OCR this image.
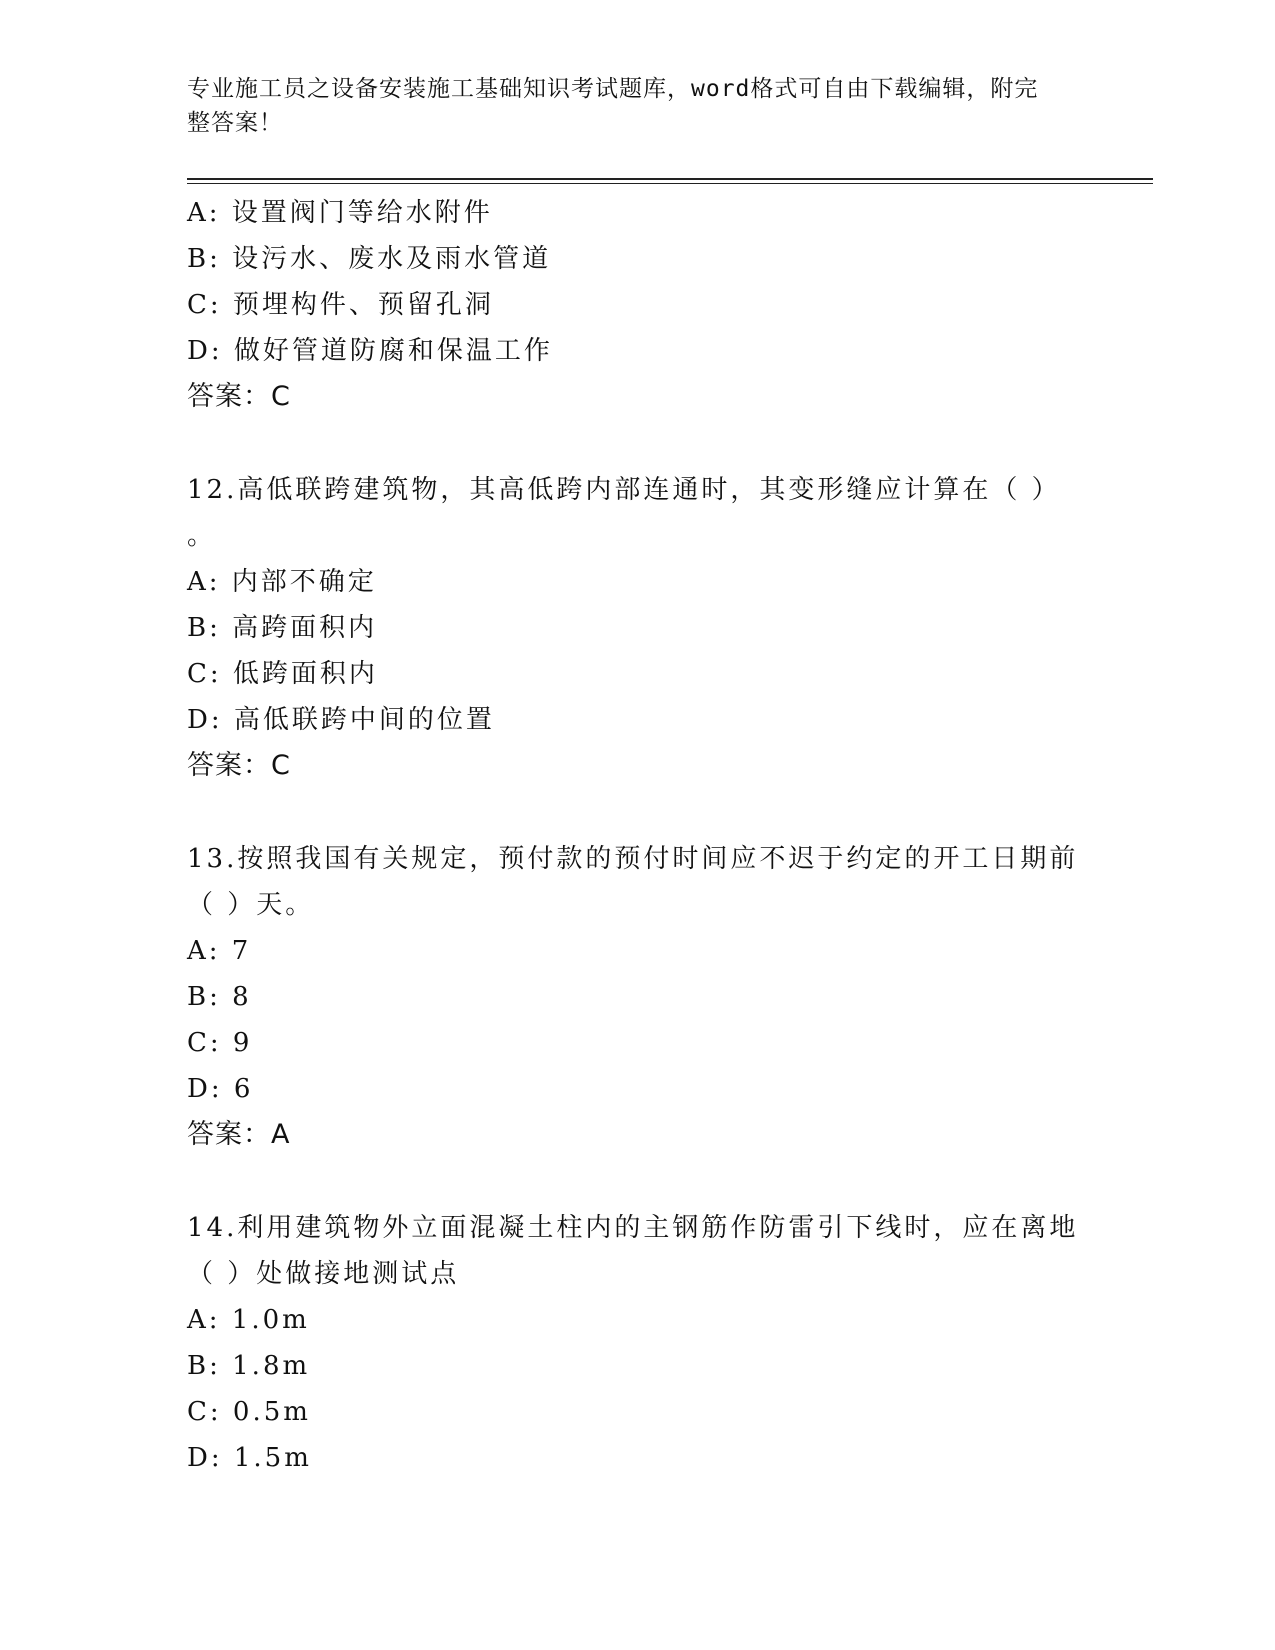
专业施工员之设备安装施工基础知识考试题库，word格式可自由下载编辑，附完
整答案！
A: 设置阀门等给水附件
B: 设污水、废水及雨水管道
C: 预埋构件、预留孔洞
D: 做好管道防腐和保温工作
答案：C
12.高低联跨建筑物，其高低跨内部连通时，其变形缝应计算在（ ）
。
A: 内部不确定
B: 高跨面积内
C: 低跨面积内
D: 高低联跨中间的位置
答案：C
13.按照我国有关规定，预付款的预付时间应不迟于约定的开工日期前
（ ）天。
A: 7
B: 8
C: 9
D: 6
答案：A
14.利用建筑物外立面混凝土柱内的主钢筋作防雷引下线时，应在离地
（ ）处做接地测试点
A: 1.0m
B: 1.8m
C: 0.5m
D: 1.5m
